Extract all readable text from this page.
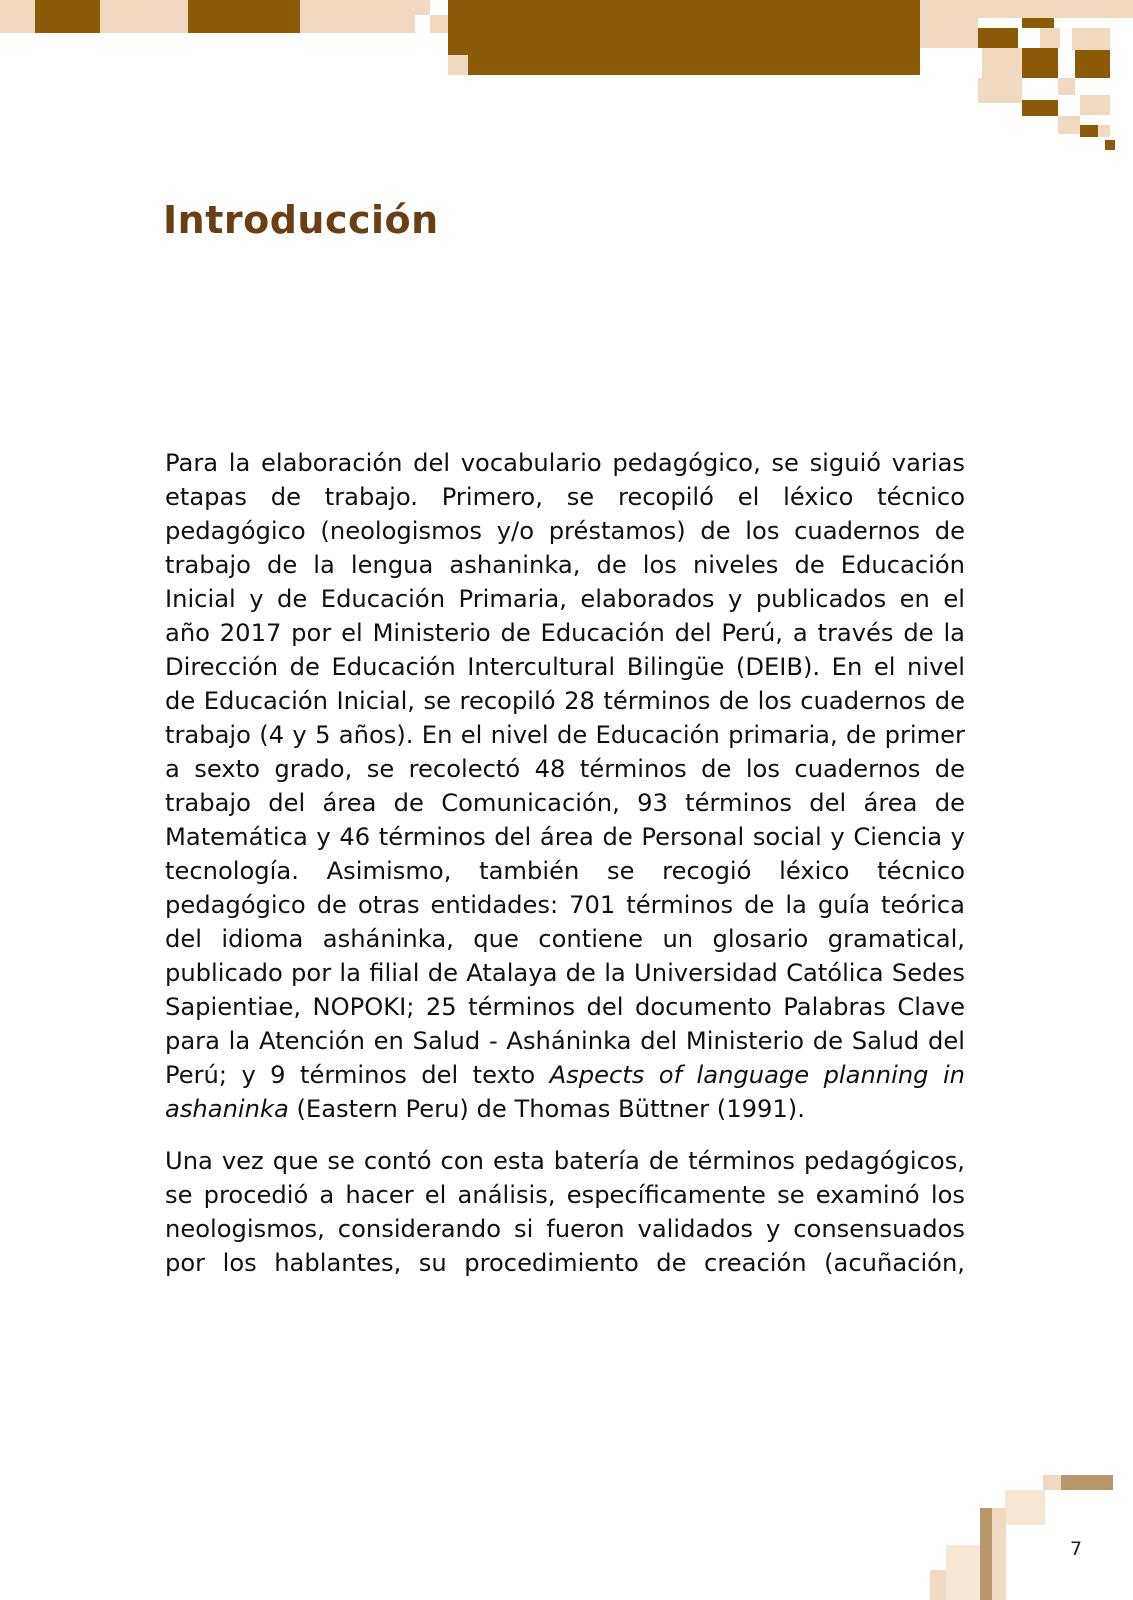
Introducción

Para la elaboración del vocabulario pedagógico, se siguió varias etapas de trabajo. Primero, se recopiló el léxico técnico pedagógico (neologismos y/o préstamos) de los cuadernos de trabajo de la lengua ashaninka, de los niveles de Educación Inicial y de Educación Primaria, elaborados y publicados en el año 2017 por el Ministerio de Educación del Perú, a través de la Dirección de Educación Intercultural Bilingüe (DEIB). En el nivel de Educación Inicial, se recopiló 28 términos de los cuadernos de trabajo (4 y 5 años). En el nivel de Educación primaria, de primer a sexto grado, se recolectó 48 términos de los cuadernos de trabajo del área de Comunicación, 93 términos del área de Matemática y 46 términos del área de Personal social y Ciencia y tecnología. Asimismo, también se recogió léxico técnico pedagógico de otras entidades: 701 términos de la guía teórica del idioma asháninka, que contiene un glosario gramatical, publicado por la filial de Atalaya de la Universidad Católica Sedes Sapientiae, NOPOKI; 25 términos del documento Palabras Clave para la Atención en Salud - Asháninka del Ministerio de Salud del Perú; y 9 términos del texto Aspects of language planning in ashaninka (Eastern Peru) de Thomas Büttner (1991).

Una vez que se contó con esta batería de términos pedagógicos, se procedió a hacer el análisis, específicamente se examinó los neologismos, considerando si fueron validados y consensuados por los hablantes, su procedimiento de creación (acuñación,

7
